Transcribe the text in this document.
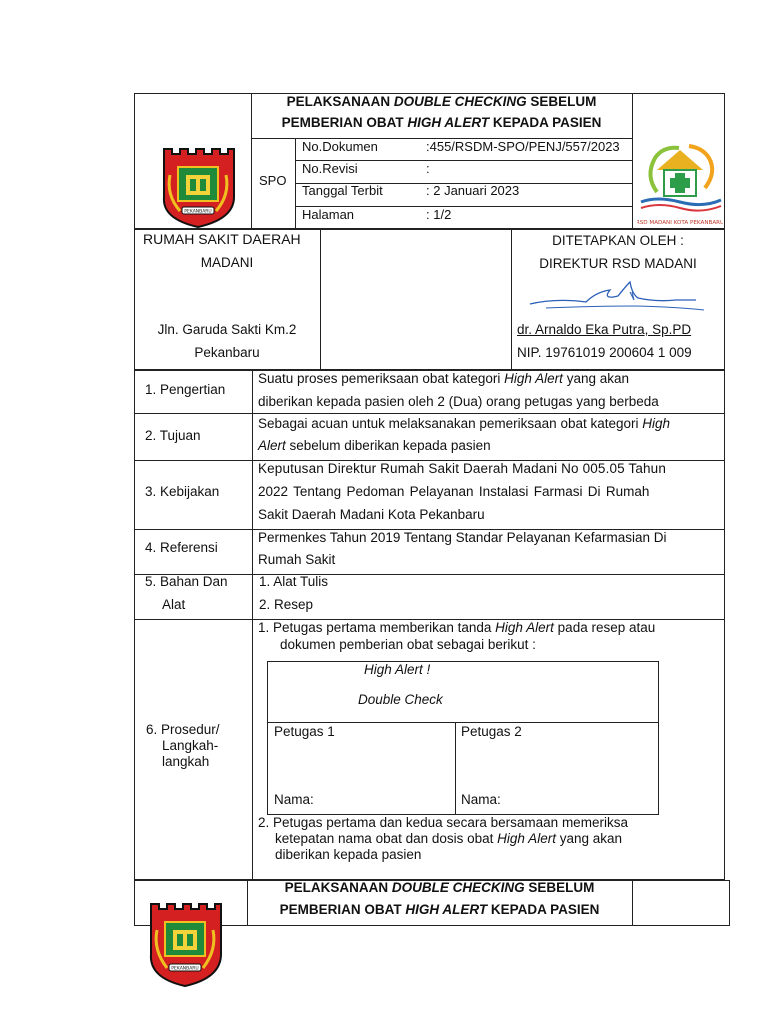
PELAKSANAAN DOUBLE CHECKING SEBELUM
PEMBERIAN OBAT HIGH ALERT KEPADA PASIEN
SPO
No.Dokumen	:455/RSDM-SPO/PENJ/557/2023
No.Revisi	:
Tanggal Terbit	: 2 Januari 2023
Halaman	: 1/2
PEKANBARU
RSD MADANI KOTA PEKANBARU
RUMAH SAKIT DAERAH
MADANI
Jln. Garuda Sakti Km.2
Pekanbaru
DITETAPKAN OLEH :
DIREKTUR RSD MADANI
dr. Arnaldo Eka Putra, Sp.PD
NIP. 19761019 200604 1 009
1. Pengertian
Suatu proses pemeriksaan obat kategori High Alert yang akan
diberikan kepada pasien oleh 2 (Dua) orang petugas yang berbeda
2. Tujuan
Sebagai acuan untuk melaksanakan pemeriksaan obat kategori High
Alert sebelum diberikan kepada pasien
3. Kebijakan
Keputusan Direktur Rumah Sakit Daerah Madani No 005.05 Tahun
2022 Tentang Pedoman Pelayanan Instalasi Farmasi Di Rumah
Sakit Daerah Madani Kota Pekanbaru
4. Referensi
Permenkes Tahun 2019 Tentang Standar Pelayanan Kefarmasian Di
Rumah Sakit
5. Bahan Dan
Alat
1. Alat Tulis
2. Resep
6. Prosedur/
Langkah-
langkah
1. Petugas pertama memberikan tanda High Alert pada resep atau
dokumen pemberian obat sebagai berikut :
High Alert !
Double Check
Petugas 1	Petugas 2
Nama:	Nama:
2. Petugas pertama dan kedua secara bersamaan memeriksa
ketepatan nama obat dan dosis obat High Alert yang akan
diberikan kepada pasien
PELAKSANAAN DOUBLE CHECKING SEBELUM
PEMBERIAN OBAT HIGH ALERT KEPADA PASIEN
PEKANBARU
